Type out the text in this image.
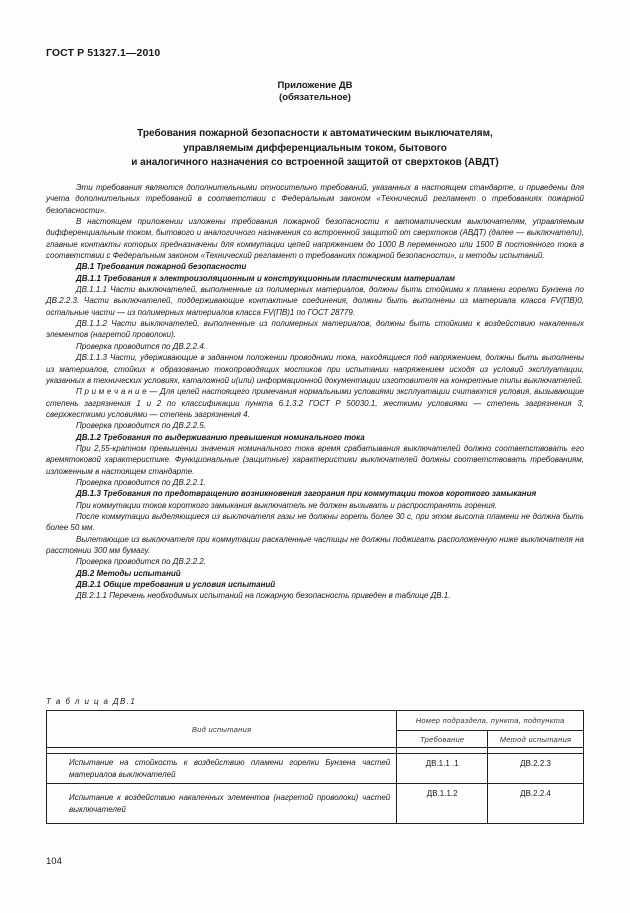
ГОСТ Р 51327.1—2010
Приложение ДВ
(обязательное)
Требования пожарной безопасности к автоматическим выключателям,
управляемым дифференциальным током, бытового
и аналогичного назначения со встроенной защитой от сверхтоков (АВДТ)

Эти требования являются дополнительными относительно требований, указанных в настоящем стандарте, и приведены для учета дополнительных требований в соответствии с Федеральным законом «Технический регламент о требованиях пожарной безопасности».

В настоящем приложении изложены требования пожарной безопасности к автоматическим выключателям, управляемым дифференциальным током, бытового и аналогичного назначения со встроенной защитой от сверхтоков (АВДТ) (далее — выключатели), главные контакты которых предназначены для коммутации цепей напряжением до 1000 В переменного или 1500 В постоянного тока в соответствии с Федеральным законом «Технический регламент о требованиях пожарной безопасности», и методы испытаний.

ДВ.1 Требования пожарной безопасности

ДВ.1.1 Требования к электроизоляционным и конструкционным пластическим материалам

ДВ.1.1.1 Части выключателей, выполненные из полимерных материалов, должны быть стойкими к пламени горелки Бунзена по ДВ.2.2.3. Части выключателей, поддерживающие контактные соединения, должны быть выполнены из материала класса FV(ПВ)0, остальные части — из полимерных материалов класса FV(ПВ)1 по ГОСТ 28779.

ДВ.1.1.2 Части выключателей, выполненные из полимерных материалов, должны быть стойкими к воздействию накаленных элементов (нагретой проволоки).

Проверка проводится по ДВ.2.2.4.

ДВ.1.1.3 Части, удерживающие в заданном положении проводники тока, находящиеся под напряжением, должны быть выполнены из материалов, стойких к образованию токопроводящих мостиков при испытании напряжением исходя из условий эксплуатации, указанных в технических условиях, каталожной и(или) информационной документации изготовителя на конкретные типы выключателей.

П р и м е ч а н и е — Для целей настоящего примечания нормальными условиями эксплуатации считаются условия, вызывающие степень загрязнения 1 и 2 по классификации пункта 6.1.3.2 ГОСТ Р 50030.1, жесткими условиями — степень загрязнения 3, сверхжесткими условиями — степень загрязнения 4.

Проверка проводится по ДВ.2.2.5.

ДВ.1.2 Требования по выдерживанию превышения номинального тока

При 2,55-кратном превышении значения номинального тока время срабатывания выключателей должно соответствовать его времятоковой характеристике. Функциональные (защитные) характеристики выключателей должны соответствовать требованиям, изложенным в настоящем стандарте.

Проверка проводится по ДВ.2.2.1.

ДВ.1.3 Требования по предотвращению возникновения загорания при коммутации токов короткого замыкания

При коммутации токов короткого замыкания выключатель не должен вызывать и распространять горения.

После коммутации выделяющиеся из выключателя газы не должны гореть более 30 с, при этом высота пламени не должна быть более 50 мм.

Вылетающие из выключателя при коммутации раскаленные частицы не должны поджигать расположенную ниже выключателя на расстоянии 300 мм бумагу.

Проверка проводится по ДВ.2.2.2.

ДВ.2 Методы испытаний

ДВ.2.1 Общие требования и условия испытаний

ДВ.2.1.1 Перечень необходимых испытаний на пожарную безопасность приведен в таблице ДВ.1.

Т а б л и ц а ДВ.1
Вид испытания	Номер подраздела, пункта, подпункта	
	Требование	Метод испытания

Испытание на стойкость к воздействию пламени горелки Бунзена частей материалов выключателей	ДВ.1.1 .1	ДВ.2.2.3
Испытание к воздействию накаленных элементов (нагретой проволоки) частей выключателей	ДВ.1.1.2	ДВ.2.2.4
104
